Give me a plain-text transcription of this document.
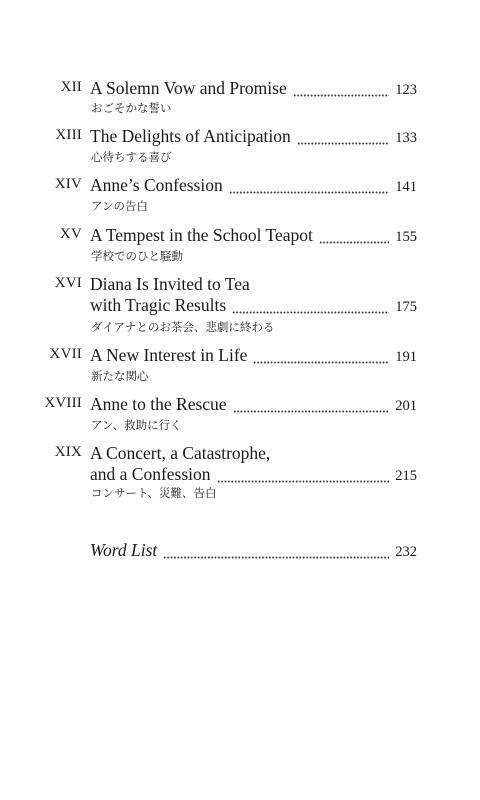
XII A Solemn Vow and Promise	123
おごそかな誓い
XIII The Delights of Anticipation	133
心待ちする喜び
XIV Anne’s Confession	141
アンの告白
XV A Tempest in the School Teapot	155
学校でのひと騒動
XVI Diana Is Invited to Tea
with Tragic Results	175
ダイアナとのお茶会、悲劇に終わる
XVII A New Interest in Life	191
新たな関心
XVIII Anne to the Rescue	201
アン、救助に行く
XIX A Concert, a Catastrophe,
and a Confession	215
コンサート、災難、告白
Word List	232
